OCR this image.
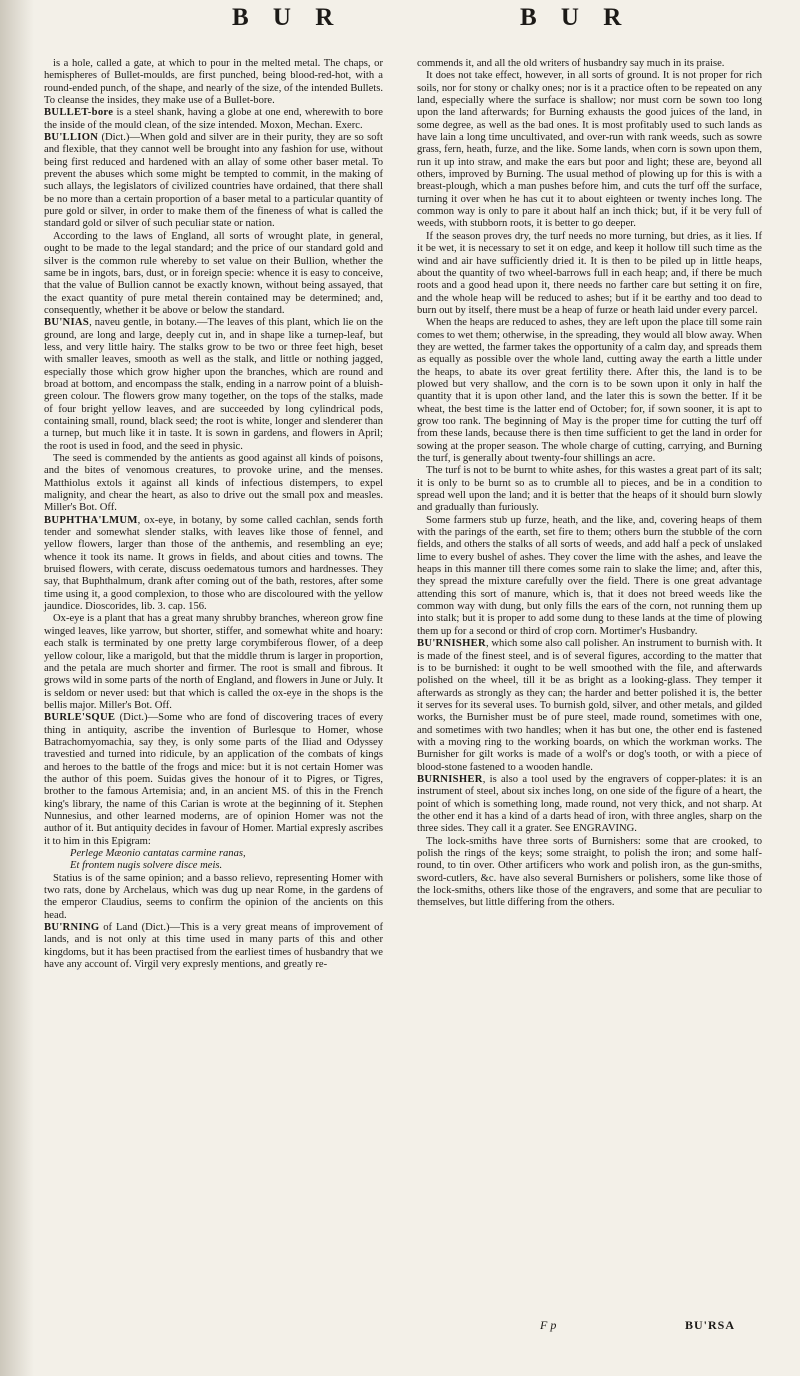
B U R	B U R

is a hole, called a gate, at which to pour in the melted metal. The chaps, or hemispheres of Bullet-moulds, are first punched, being blood-red-hot, with a round-ended punch, of the shape, and nearly of the size, of the intended Bullets. To cleanse the insides, they make use of a Bullet-bore.

BULLET-bore is a steel shank, having a globe at one end, wherewith to bore the inside of the mould clean, of the size intended. Moxon, Mechan. Exerc.

BU'LLION (Dict.)—When gold and silver are in their purity, they are so soft and flexible, that they cannot well be brought into any fashion for use, without being first reduced and hardened with an allay of some other baser metal. To prevent the abuses which some might be tempted to commit, in the making of such allays, the legislators of civilized countries have ordained, that there shall be no more than a certain proportion of a baser metal to a particular quantity of pure gold or silver, in order to make them of the fineness of what is called the standard gold or silver of such peculiar state or nation.

According to the laws of England, all sorts of wrought plate, in general, ought to be made to the legal standard; and the price of our standard gold and silver is the common rule whereby to set value on their Bullion, whether the same be in ingots, bars, dust, or in foreign specie: whence it is easy to conceive, that the value of Bullion cannot be exactly known, without being assayed, that the exact quantity of pure metal therein contained may be determined; and, consequently, whether it be above or below the standard.

BU'NIAS, naveu gentle, in botany.—The leaves of this plant, which lie on the ground, are long and large, deeply cut in, and in shape like a turnep-leaf, but less, and very little hairy. The stalks grow to be two or three feet high, beset with smaller leaves, smooth as well as the stalk, and little or nothing jagged, especially those which grow higher upon the branches, which are round and broad at bottom, and encompass the stalk, ending in a narrow point of a bluish-green colour. The flowers grow many together, on the tops of the stalks, made of four bright yellow leaves, and are succeeded by long cylindrical pods, containing small, round, black seed; the root is white, longer and slenderer than a turnep, but much like it in taste. It is sown in gardens, and flowers in April; the root is used in food, and the seed in physic.

The seed is commended by the antients as good against all kinds of poisons, and the bites of venomous creatures, to provoke urine, and the menses. Matthiolus extols it against all kinds of infectious distempers, to expel malignity, and chear the heart, as also to drive out the small pox and measles. Miller's Bot. Off.

BUPHTHA'LMUM, ox-eye, in botany, by some called cachlan, sends forth tender and somewhat slender stalks, with leaves like those of fennel, and yellow flowers, larger than those of the anthemis, and resembling an eye; whence it took its name. It grows in fields, and about cities and towns. The bruised flowers, with cerate, discuss oedematous tumors and hardnesses. They say, that Buphthalmum, drank after coming out of the bath, restores, after some time using it, a good complexion, to those who are discoloured with the yellow jaundice. Dioscorides, lib. 3. cap. 156.

Ox-eye is a plant that has a great many shrubby branches, whereon grow fine winged leaves, like yarrow, but shorter, stiffer, and somewhat white and hoary: each stalk is terminated by one pretty large corymbiferous flower, of a deep yellow colour, like a marigold, but that the middle thrum is larger in proportion, and the petala are much shorter and firmer. The root is small and fibrous. It grows wild in some parts of the north of England, and flowers in June or July. It is seldom or never used: but that which is called the ox-eye in the shops is the bellis major. Miller's Bot. Off.

BURLE'SQUE (Dict.)—Some who are fond of discovering traces of every thing in antiquity, ascribe the invention of Burlesque to Homer, whose Batrachomyomachia, say they, is only some parts of the Iliad and Odyssey travestied and turned into ridicule, by an application of the combats of kings and heroes to the battle of the frogs and mice: but it is not certain Homer was the author of this poem. Suidas gives the honour of it to Pigres, or Tigres, brother to the famous Artemisia; and, in an ancient MS. of this in the French king's library, the name of this Carian is wrote at the beginning of it. Stephen Nunnesius, and other learned moderns, are of opinion Homer was not the author of it. But antiquity decides in favour of Homer. Martial expresly ascribes it to him in this Epigram:

Perlege Mæonio cantatas carmine ranas,

Et frontem nugis solvere disce meis.

Statius is of the same opinion; and a basso relievo, representing Homer with two rats, done by Archelaus, which was dug up near Rome, in the gardens of the emperor Claudius, seems to confirm the opinion of the ancients on this head.

BU'RNING of Land (Dict.)—This is a very great means of improvement of lands, and is not only at this time used in many parts of this and other kingdoms, but it has been practised from the earliest times of husbandry that we have any account of. Virgil very expresly mentions, and greatly re-

commends it, and all the old writers of husbandry say much in its praise.

It does not take effect, however, in all sorts of ground. It is not proper for rich soils, nor for stony or chalky ones; nor is it a practice often to be repeated on any land, especially where the surface is shallow; nor must corn be sown too long upon the land afterwards; for Burning exhausts the good juices of the land, in some degree, as well as the bad ones. It is most profitably used to such lands as have lain a long time uncultivated, and over-run with rank weeds, such as sowre grass, fern, heath, furze, and the like. Some lands, when corn is sown upon them, run it up into straw, and make the ears but poor and light; these are, beyond all others, improved by Burning. The usual method of plowing up for this is with a breast-plough, which a man pushes before him, and cuts the turf off the surface, turning it over when he has cut it to about eighteen or twenty inches long. The common way is only to pare it about half an inch thick; but, if it be very full of weeds, with stubborn roots, it is better to go deeper.

If the season proves dry, the turf needs no more turning, but dries, as it lies. If it be wet, it is necessary to set it on edge, and keep it hollow till such time as the wind and air have sufficiently dried it. It is then to be piled up in little heaps, about the quantity of two wheel-barrows full in each heap; and, if there be much roots and a good head upon it, there needs no farther care but setting it on fire, and the whole heap will be reduced to ashes; but if it be earthy and too dead to burn out by itself, there must be a heap of furze or heath laid under every parcel.

When the heaps are reduced to ashes, they are left upon the place till some rain comes to wet them; otherwise, in the spreading, they would all blow away. When they are wetted, the farmer takes the opportunity of a calm day, and spreads them as equally as possible over the whole land, cutting away the earth a little under the heaps, to abate its over great fertility there. After this, the land is to be plowed but very shallow, and the corn is to be sown upon it only in half the quantity that it is upon other land, and the later this is sown the better. If it be wheat, the best time is the latter end of October; for, if sown sooner, it is apt to grow too rank. The beginning of May is the proper time for cutting the turf off from these lands, because there is then time sufficient to get the land in order for sowing at the proper season. The whole charge of cutting, carrying, and Burning the turf, is generally about twenty-four shillings an acre.

The turf is not to be burnt to white ashes, for this wastes a great part of its salt; it is only to be burnt so as to crumble all to pieces, and be in a condition to spread well upon the land; and it is better that the heaps of it should burn slowly and gradually than furiously.

Some farmers stub up furze, heath, and the like, and, covering heaps of them with the parings of the earth, set fire to them; others burn the stubble of the corn fields, and others the stalks of all sorts of weeds, and add half a peck of unslaked lime to every bushel of ashes. They cover the lime with the ashes, and leave the heaps in this manner till there comes some rain to slake the lime; and, after this, they spread the mixture carefully over the field. There is one great advantage attending this sort of manure, which is, that it does not breed weeds like the common way with dung, but only fills the ears of the corn, not running them up into stalk; but it is proper to add some dung to these lands at the time of plowing them up for a second or third of crop corn. Mortimer's Husbandry.

BU'RNISHER, which some also call polisher. An instrument to burnish with. It is made of the finest steel, and is of several figures, according to the matter that is to be burnished: it ought to be well smoothed with the file, and afterwards polished on the wheel, till it be as bright as a looking-glass. They temper it afterwards as strongly as they can; the harder and better polished it is, the better it serves for its several uses. To burnish gold, silver, and other metals, and gilded works, the Burnisher must be of pure steel, made round, sometimes with one, and sometimes with two handles; when it has but one, the other end is fastened with a moving ring to the working boards, on which the workman works. The Burnisher for gilt works is made of a wolf's or dog's tooth, or with a piece of blood-stone fastened to a wooden handle.

BURNISHER, is also a tool used by the engravers of copper-plates: it is an instrument of steel, about six inches long, on one side of the figure of a heart, the point of which is something long, made round, not very thick, and not sharp. At the other end it has a kind of a darts head of iron, with three angles, sharp on the three sides. They call it a grater. See ENGRAVING.

The lock-smiths have three sorts of Burnishers: some that are crooked, to polish the rings of the keys; some straight, to polish the iron; and some half-round, to tin over. Other artificers who work and polish iron, as the gun-smiths, sword-cutlers, &c. have also several Burnishers or polishers, some like those of the lock-smiths, others like those of the engravers, and some that are peculiar to themselves, but little differing from the others.

F p	BU'RSA
